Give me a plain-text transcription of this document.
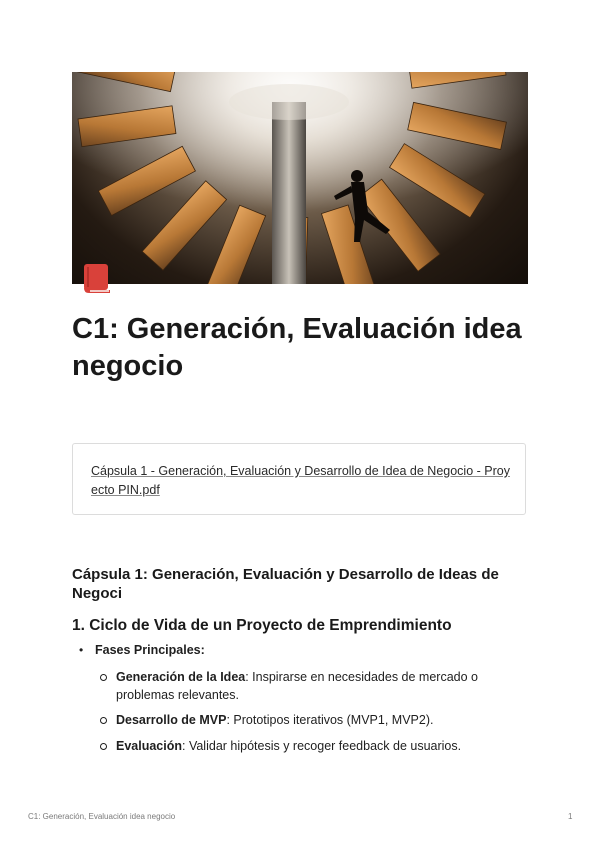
C1: Generación, Evaluación idea negocio
Cápsula 1 - Generación, Evaluación y Desarrollo de Idea de Negocio - Proyecto PIN.pdf
Cápsula 1: Generación, Evaluación y Desarrollo de Ideas de Negoci
1. Ciclo de Vida de un Proyecto de Emprendimiento
• Fases Principales:
Generación de la Idea: Inspirarse en necesidades de mercado o problemas relevantes.
Desarrollo de MVP: Prototipos iterativos (MVP1, MVP2).
Evaluación: Validar hipótesis y recoger feedback de usuarios.
C1: Generación, Evaluación idea negocio	1
